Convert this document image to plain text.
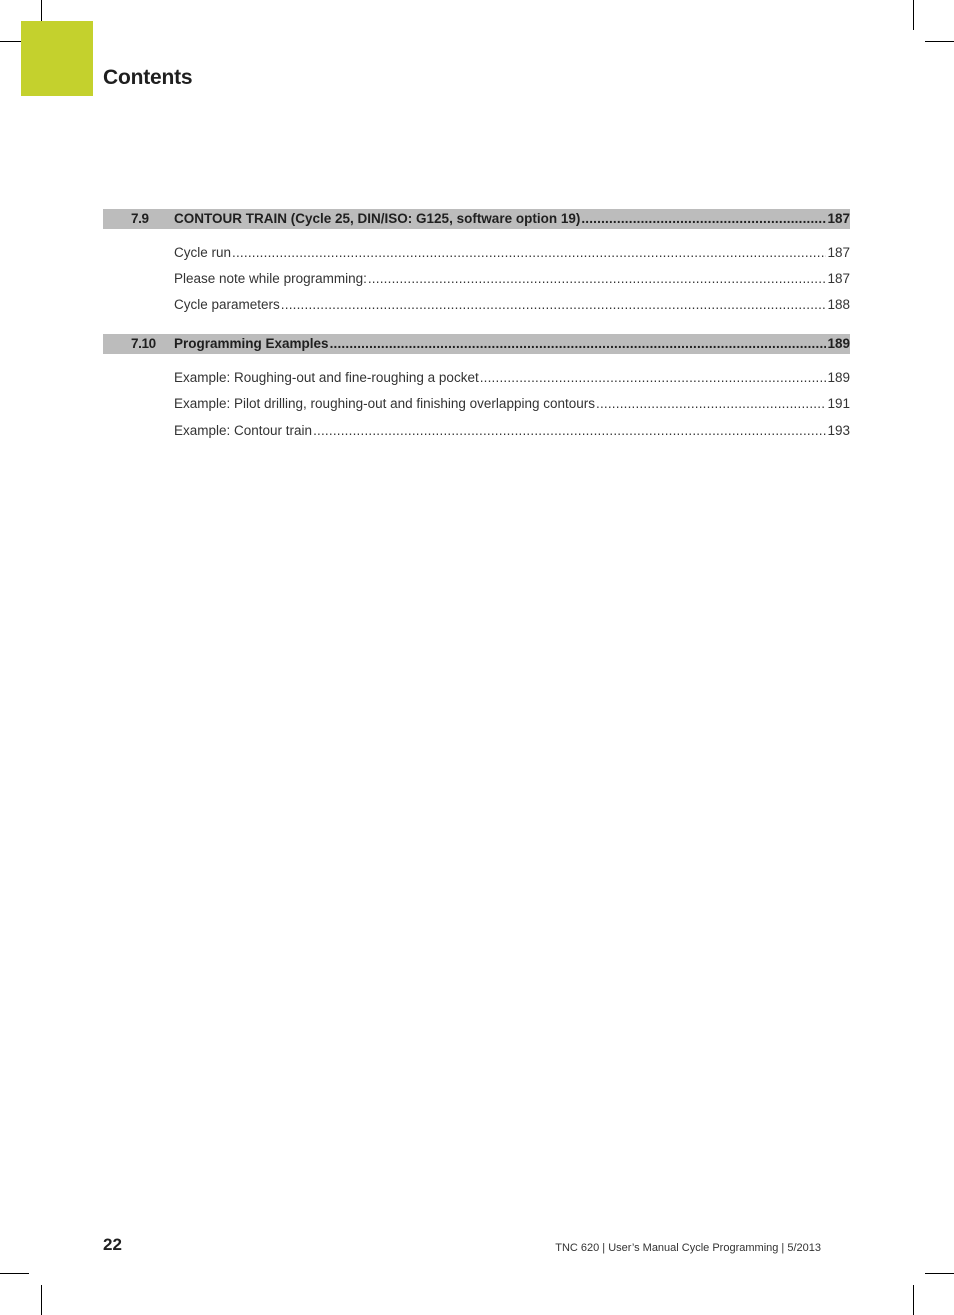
Contents
7.9 CONTOUR TRAIN (Cycle 25, DIN/ISO: G125, software option 19) .....	187
Cycle run .....	187
Please note while programming: .....	187
Cycle parameters .....	188
7.10 Programming Examples .....	189
Example: Roughing-out and fine-roughing a pocket .....	189
Example: Pilot drilling, roughing-out and finishing overlapping contours .....	191
Example: Contour train .....	193
22	TNC 620 | User’s Manual Cycle Programming | 5/2013
